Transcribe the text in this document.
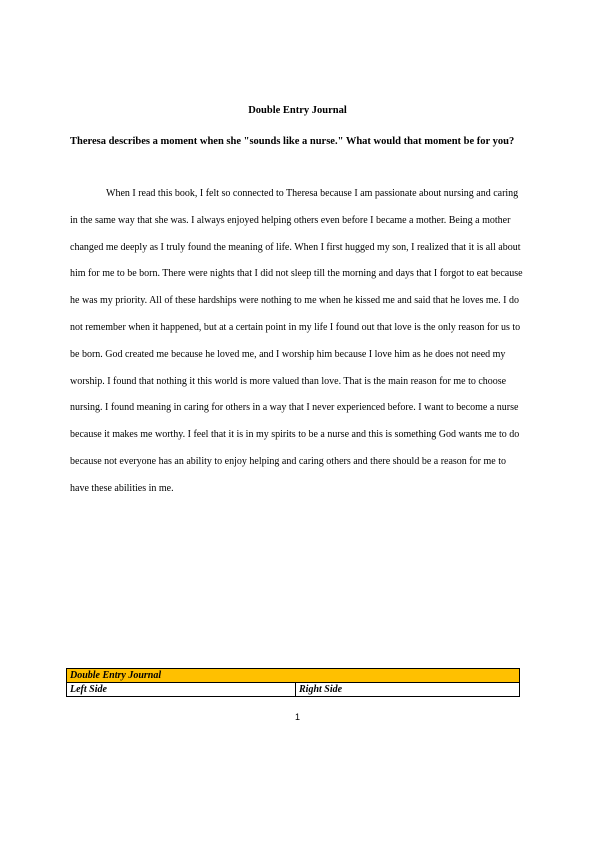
Double Entry Journal

Theresa describes a moment when she "sounds like a nurse." What would that moment be for you?

When I read this book, I felt so connected to Theresa because I am passionate about nursing and caring in the same way that she was. I always enjoyed helping others even before I became a mother. Being a mother changed me deeply as I truly found the meaning of life. When I first hugged my son, I realized that it is all about him for me to be born. There were nights that I did not sleep till the morning and days that I forgot to eat because he was my priority. All of these hardships were nothing to me when he kissed me and said that he loves me. I do not remember when it happened, but at a certain point in my life I found out that love is the only reason for us to be born. God created me because he loved me, and I worship him because I love him as he does not need my worship. I found that nothing it this world is more valued than love. That is the main reason for me to choose nursing. I found meaning in caring for others in a way that I never experienced before. I want to become a nurse because it makes me worthy. I feel that it is in my spirits to be a nurse and this is something God wants me to do because not everyone has an ability to enjoy helping and caring others and there should be a reason for me to have these abilities in me.

Double Entry Journal
Left Side	Right Side
1
